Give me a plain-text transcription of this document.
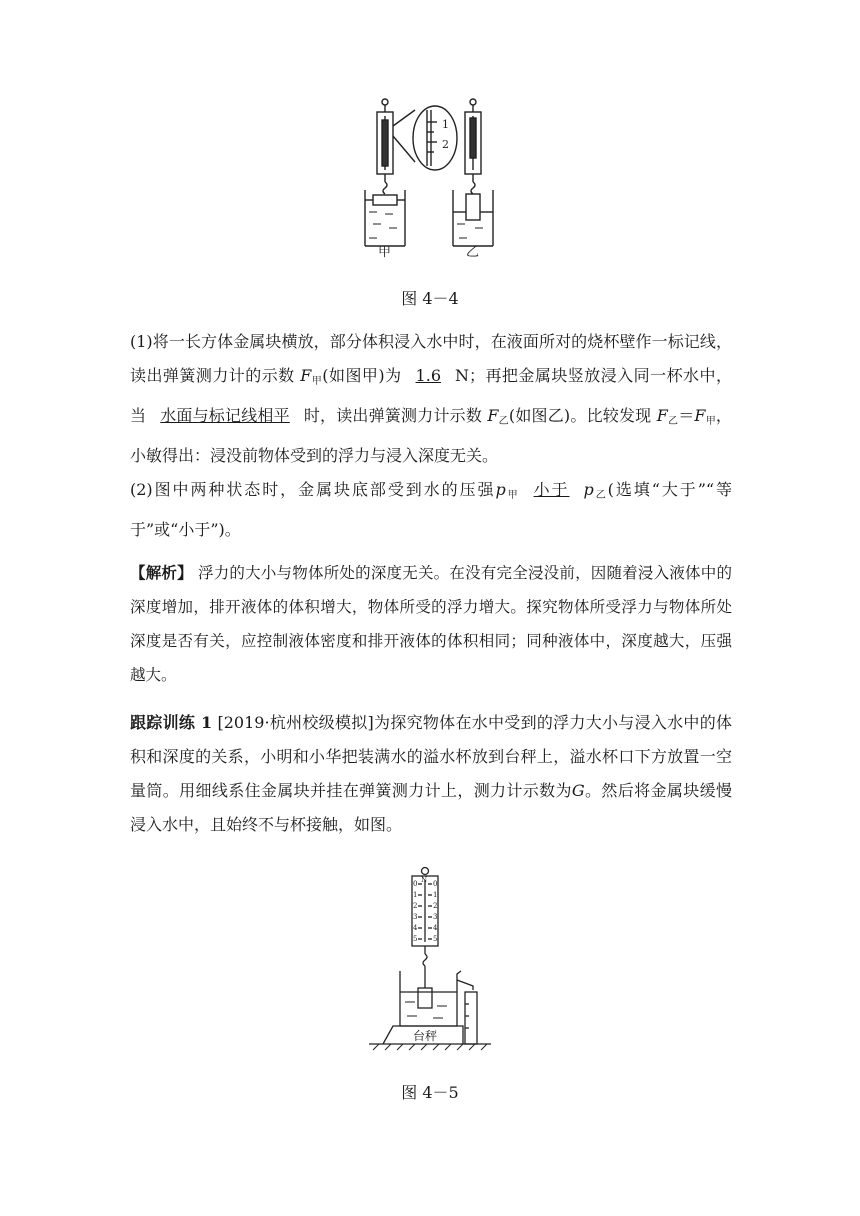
1
2
甲	乙
图 4－4
(1)将一长方体金属块横放，部分体积浸入水中时，在液面所对的烧杯壁作一标记线，读出弹簧测力计的示数 $F_甲$(如图甲)为 1.6 N；再把金属块竖放浸入同一杯水中，当 水面与标记线相平 时，读出弹簧测力计示数 $F_乙$(如图乙)。比较发现 $F_乙=F_甲$，小敏得出：浸没前物体受到的浮力与浸入深度无关。
(2)图中两种状态时，金属块底部受到水的压强$p_甲$ 小于 $p_乙$(选填“大于”“等于”或“小于”)。
【解析】 浮力的大小与物体所处的深度无关。在没有完全浸没前，因随着浸入液体中的深度增加，排开液体的体积增大，物体所受的浮力增大。探究物体所受浮力与物体所处深度是否有关，应控制液体密度和排开液体的体积相同；同种液体中，深度越大，压强越大。
跟踪训练 1 [2019·杭州校级模拟]为探究物体在水中受到的浮力大小与浸入水中的体积和深度的关系，小明和小华把装满水的溢水杯放到台秤上，溢水杯口下方放置一空量筒。用细线系住金属块并挂在弹簧测力计上，测力计示数为G。然后将金属块缓慢浸入水中，且始终不与杯接触，如图。
N
0
1
2
3
4
5
0
1
2
3
4
5
台秤
图 4－5
